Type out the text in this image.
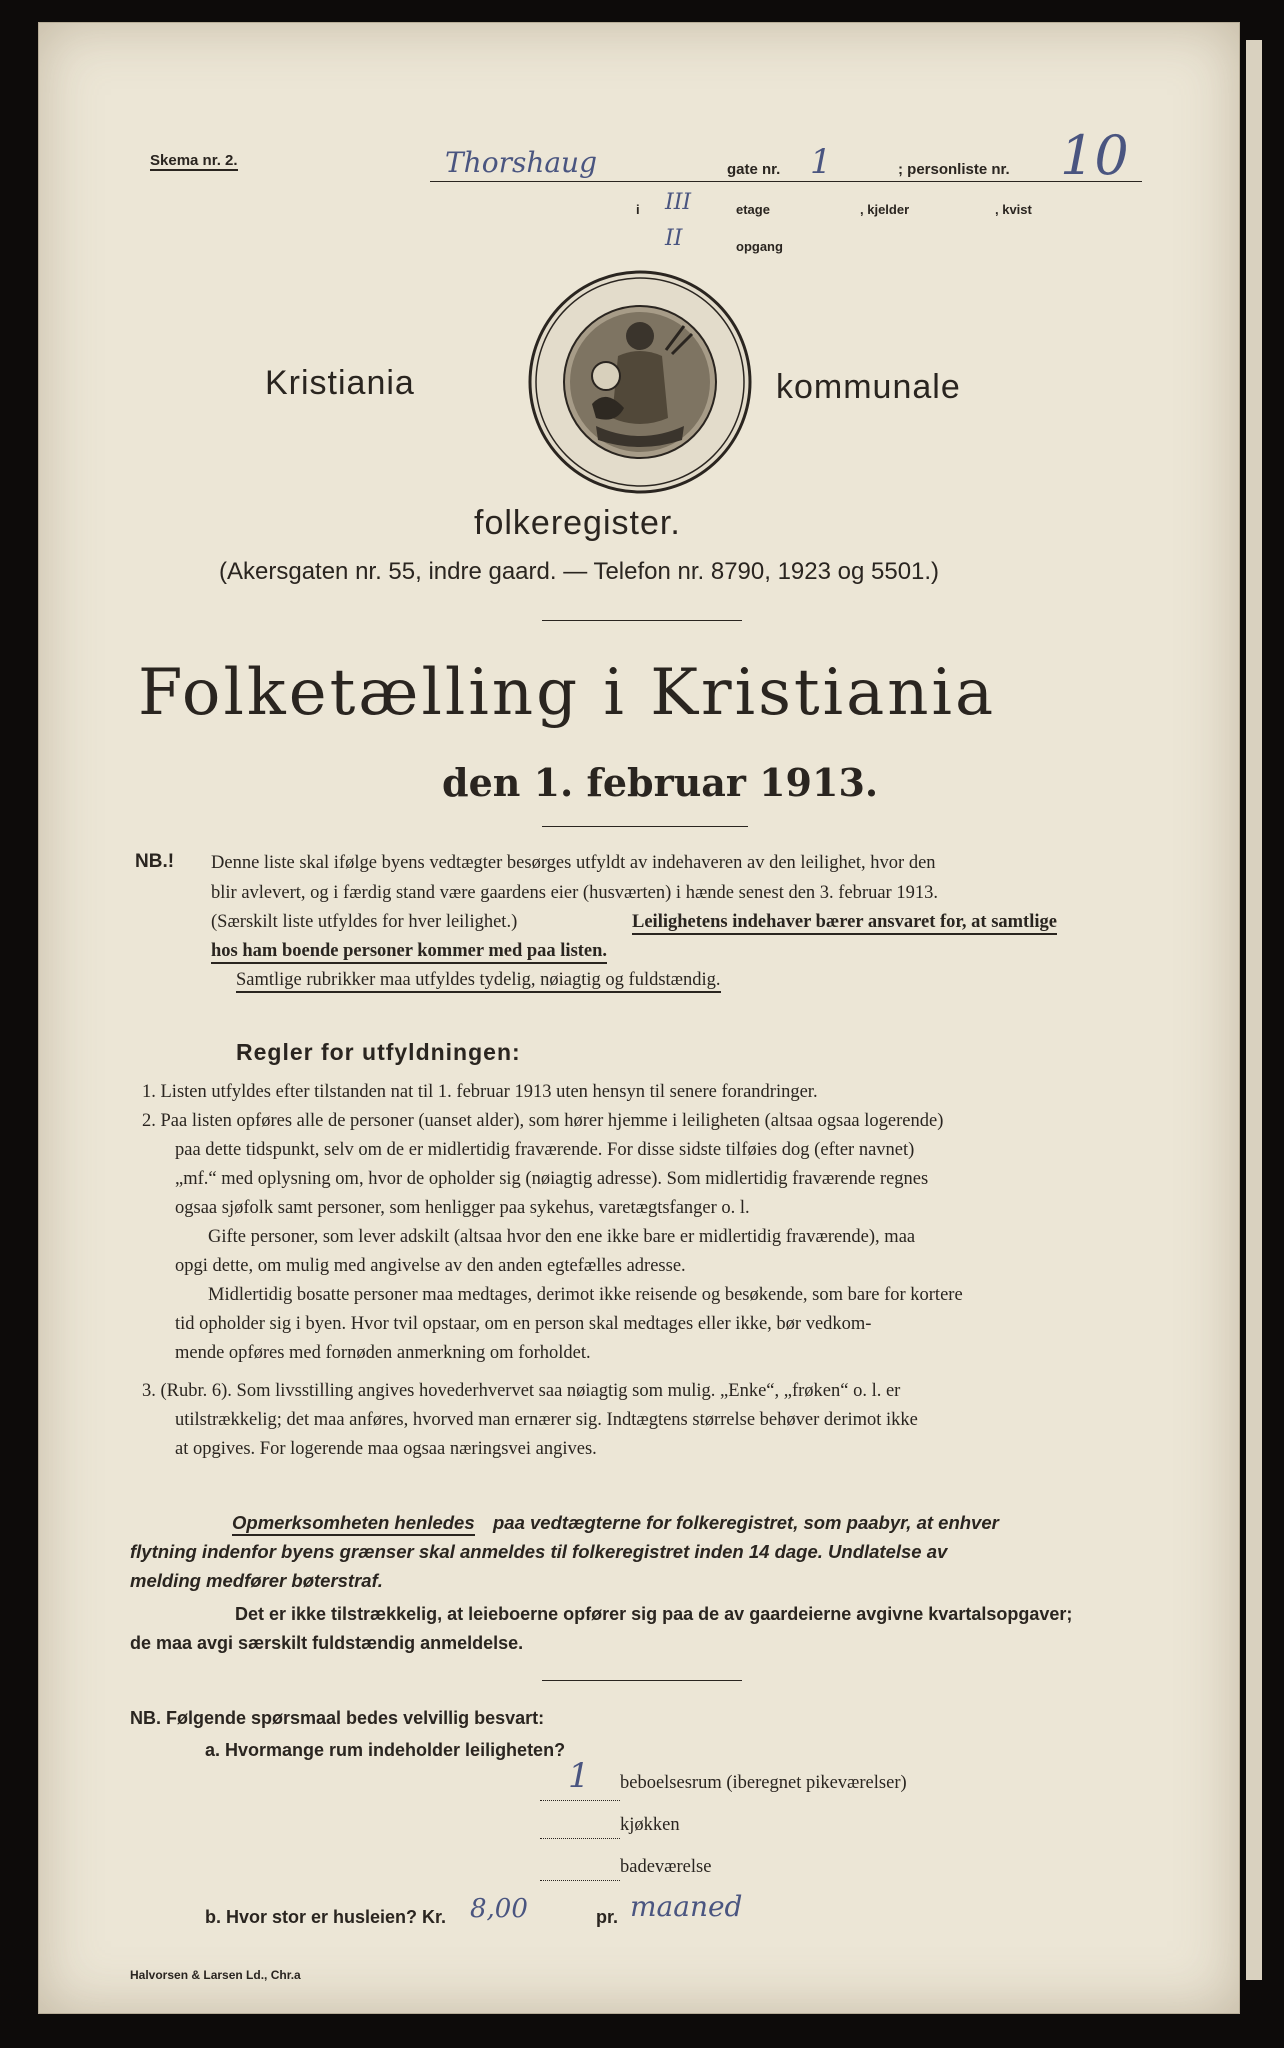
Skema nr. 2.	Thorshaug	gate nr. 1	; personliste nr. 10
i III	etage	, kjelder	, kvist
II	opgang
Kristiania	kommunale
folkeregister.
(Akersgaten nr. 55, indre gaard. — Telefon nr. 8790, 1923 og 5501.)
Folketælling i Kristiania
den 1. februar 1913.
NB.! Denne liste skal ifølge byens vedtægter besørges utfyldt av indehaveren av den leilighet, hvor den
blir avlevert, og i færdig stand være gaardens eier (husværten) i hænde senest den 3. februar 1913.
(Særskilt liste utfyldes for hver leilighet.)	Leilighetens indehaver bærer ansvaret for, at samtlige
hos ham boende personer kommer med paa listen.
Samtlige rubrikker maa utfyldes tydelig, nøiagtig og fuldstændig.
Regler for utfyldningen:
1. Listen utfyldes efter tilstanden nat til 1. februar 1913 uten hensyn til senere forandringer.
2. Paa listen opføres alle de personer (uanset alder), som hører hjemme i leiligheten (altsaa ogsaa logerende)
paa dette tidspunkt, selv om de er midlertidig fraværende. For disse sidste tilføies dog (efter navnet)
„mf.“ med oplysning om, hvor de opholder sig (nøiagtig adresse). Som midlertidig fraværende regnes
ogsaa sjøfolk samt personer, som henligger paa sykehus, varetægtsfanger o. l.
Gifte personer, som lever adskilt (altsaa hvor den ene ikke bare er midlertidig fraværende), maa
opgi dette, om mulig med angivelse av den anden egtefælles adresse.
Midlertidig bosatte personer maa medtages, derimot ikke reisende og besøkende, som bare for kortere
tid opholder sig i byen. Hvor tvil opstaar, om en person skal medtages eller ikke, bør vedkom-
mende opføres med fornøden anmerkning om forholdet.
3. (Rubr. 6). Som livsstilling angives hovederhvervet saa nøiagtig som mulig. „Enke“, „frøken“ o. l. er
utilstrækkelig; det maa anføres, hvorved man ernærer sig. Indtægtens størrelse behøver derimot ikke
at opgives. For logerende maa ogsaa næringsvei angives.
Opmerksomheten henledes paa vedtægterne for folkeregistret, som paabyr, at enhver
flytning indenfor byens grænser skal anmeldes til folkeregistret inden 14 dage. Undlatelse av
melding medfører bøterstraf.
Det er ikke tilstrækkelig, at leieboerne opfører sig paa de av gaardeierne avgivne kvartalsopgaver;
de maa avgi særskilt fuldstændig anmeldelse.
NB. Følgende spørsmaal bedes velvillig besvart:
a. Hvormange rum indeholder leiligheten?
1 beboelsesrum (iberegnet pikeværelser)
kjøkken
badeværelse
b. Hvor stor er husleien? Kr. 8,00	pr. maaned
Halvorsen & Larsen Ld., Chr.a
